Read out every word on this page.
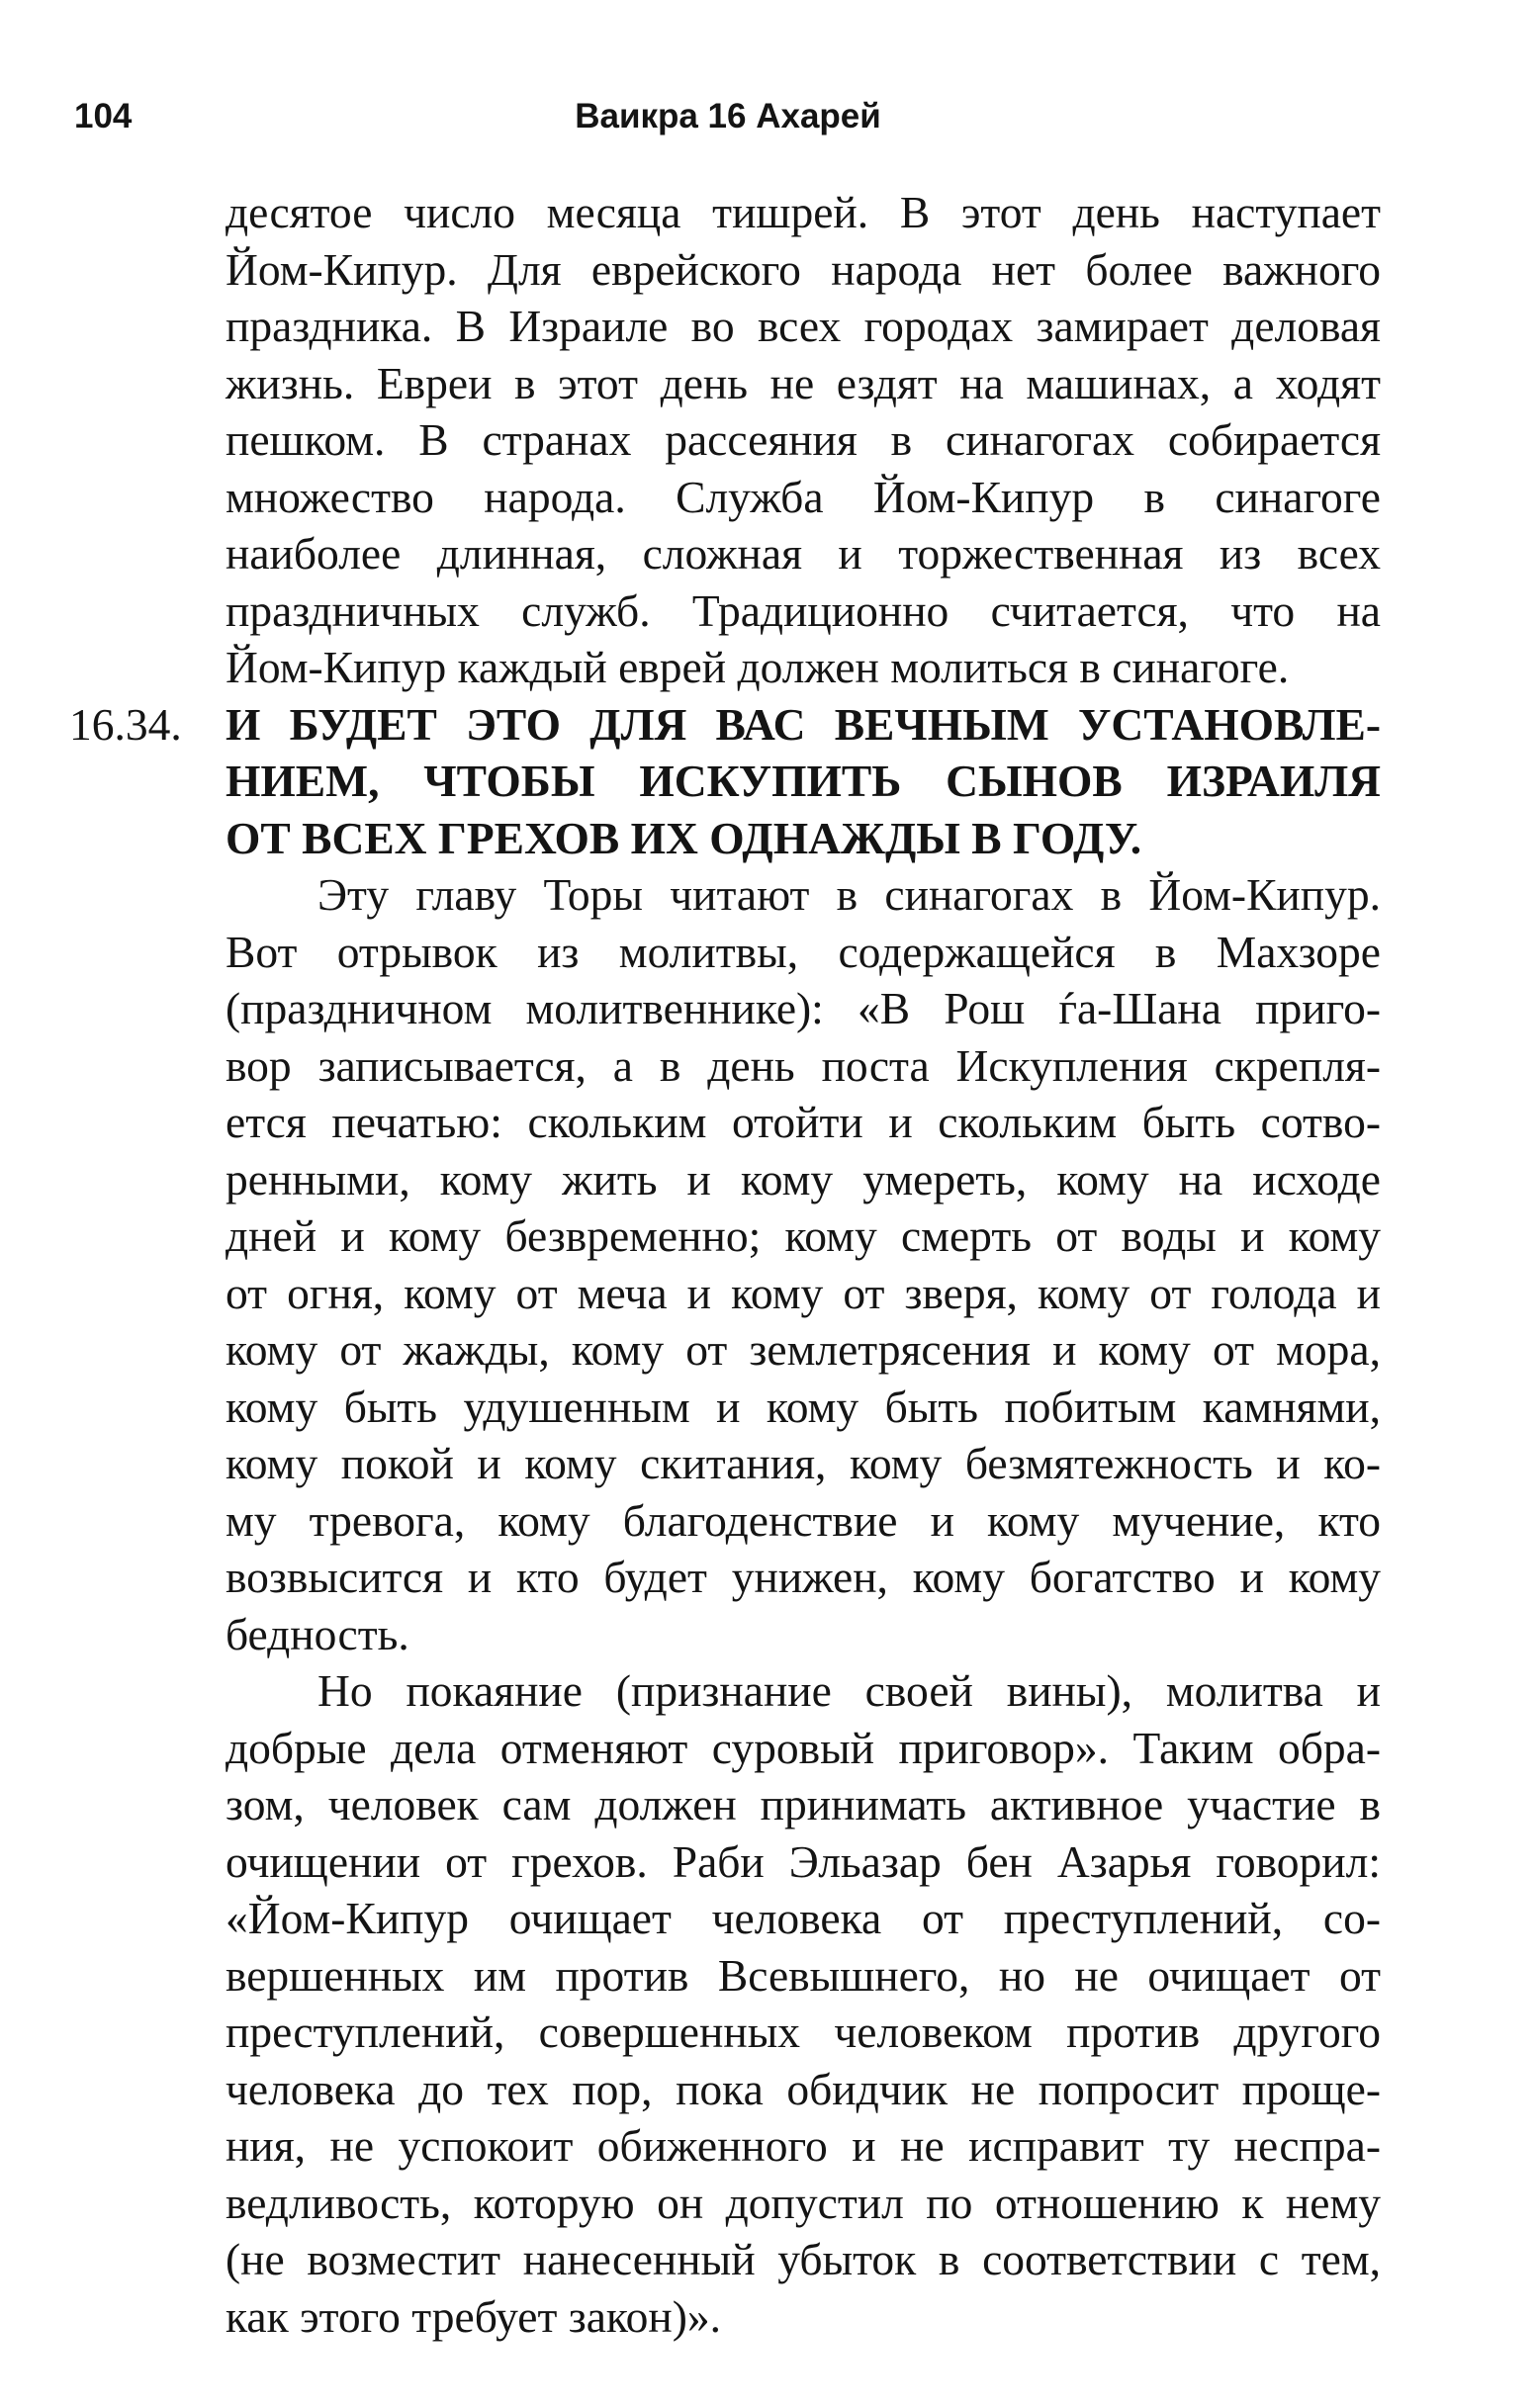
104	Ваикра 16 Ахарей
десятое число месяца тишрей. В этот день наступает
Йом-Кипур. Для еврейского народа нет более важного
праздника. В Израиле во всех городах замирает деловая
жизнь. Евреи в этот день не ездят на машинах, а ходят
пешком. В странах рассеяния в синагогах собирается
множество народа. Служба Йом-Кипур в синагоге
наиболее длинная, сложная и торжественная из всех
праздничных служб. Традиционно считается, что на
Йом-Кипур каждый еврей должен молиться в синагоге.
16.34. И БУДЕТ ЭТО ДЛЯ ВАС ВЕЧНЫМ УСТАНОВЛЕ-
НИЕМ, ЧТОБЫ ИСКУПИТЬ СЫНОВ ИЗРАИЛЯ
ОТ ВСЕХ ГРЕХОВ ИХ ОДНАЖДЫ В ГОДУ.
Эту главу Торы читают в синагогах в Йом-Кипур.
Вот отрывок из молитвы, содержащейся в Махзоре
(праздничном молитвеннике): «В Рош ѓа-Шана приго-
вор записывается, а в день поста Искупления скрепля-
ется печатью: скольким отойти и скольким быть сотво-
ренными, кому жить и кому умереть, кому на исходе
дней и кому безвременно; кому смерть от воды и кому
от огня, кому от меча и кому от зверя, кому от голода и
кому от жажды, кому от землетрясения и кому от мора,
кому быть удушенным и кому быть побитым камнями,
кому покой и кому скитания, кому безмятежность и ко-
му тревога, кому благоденствие и кому мучение, кто
возвысится и кто будет унижен, кому богатство и кому
бедность.
Но покаяние (признание своей вины), молитва и
добрые дела отменяют суровый приговор». Таким обра-
зом, человек сам должен принимать активное участие в
очищении от грехов. Раби Эльазар бен Азарья говорил:
«Йом-Кипур очищает человека от преступлений, со-
вершенных им против Всевышнего, но не очищает от
преступлений, совершенных человеком против другого
человека до тех пор, пока обидчик не попросит проще-
ния, не успокоит обиженного и не исправит ту неспра-
ведливость, которую он допустил по отношению к нему
(не возместит нанесенный убыток в соответствии с тем,
как этого требует закон)».
